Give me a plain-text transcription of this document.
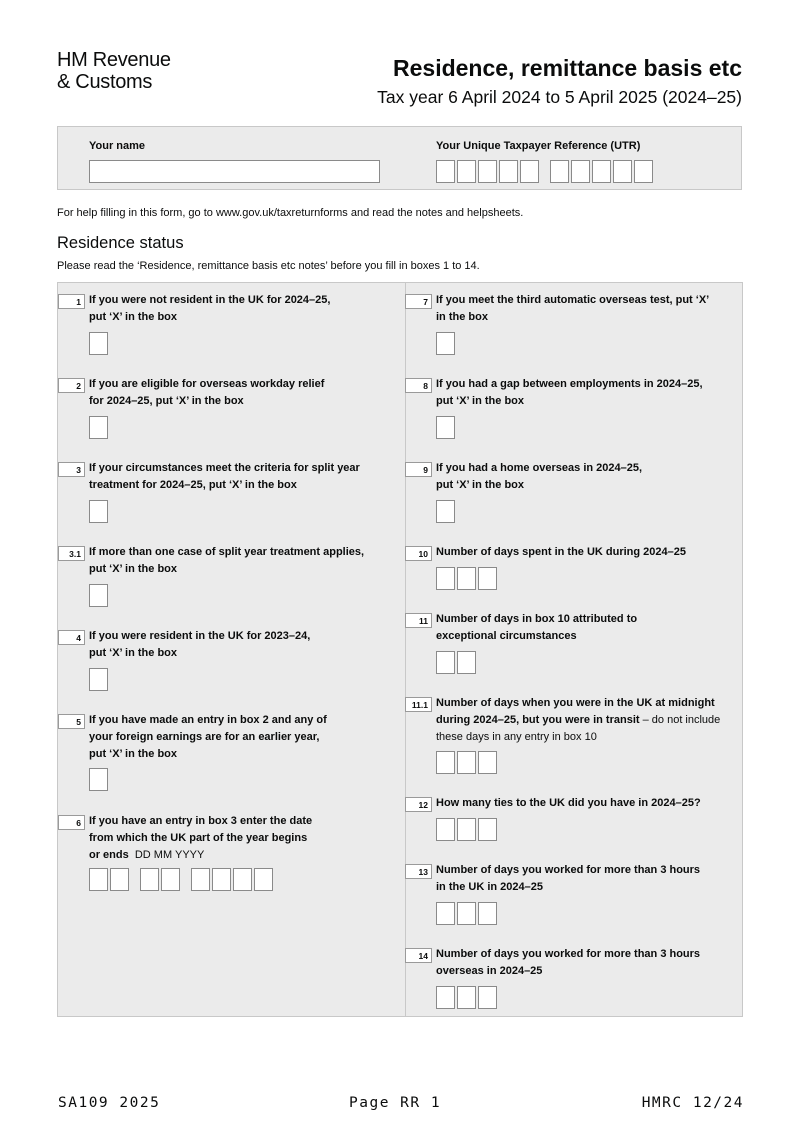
HM Revenue
& Customs
Residence, remittance basis etc
Tax year 6 April 2024 to 5 April 2025 (2024–25)
Your name	Your Unique Taxpayer Reference (UTR)
For help filling in this form, go to www.gov.uk/taxreturnforms and read the notes and helpsheets.
Residence status
Please read the ‘Residence, remittance basis etc notes’ before you fill in boxes 1 to 14.
1 If you were not resident in the UK for 2024–25,
put ‘X’ in the box
2 If you are eligible for overseas workday relief
for 2024–25, put ‘X’ in the box
3 If your circumstances meet the criteria for split year
treatment for 2024–25, put ‘X’ in the box
3.1 If more than one case of split year treatment applies,
put ‘X’ in the box
4 If you were resident in the UK for 2023–24,
put ‘X’ in the box
5 If you have made an entry in box 2 and any of
your foreign earnings are for an earlier year,
put ‘X’ in the box
6 If you have an entry in box 3 enter the date
from which the UK part of the year begins
or ends DD MM YYYY
7 If you meet the third automatic overseas test, put ‘X’
in the box
8 If you had a gap between employments in 2024–25,
put ‘X’ in the box
9 If you had a home overseas in 2024–25,
put ‘X’ in the box
10 Number of days spent in the UK during 2024–25
11 Number of days in box 10 attributed to
exceptional circumstances
11.1 Number of days when you were in the UK at midnight
during 2024–25, but you were in transit – do not include
these days in any entry in box 10
12 How many ties to the UK did you have in 2024–25?
13 Number of days you worked for more than 3 hours
in the UK in 2024–25
14 Number of days you worked for more than 3 hours
overseas in 2024–25
SA109 2025	Page RR 1	HMRC 12/24
